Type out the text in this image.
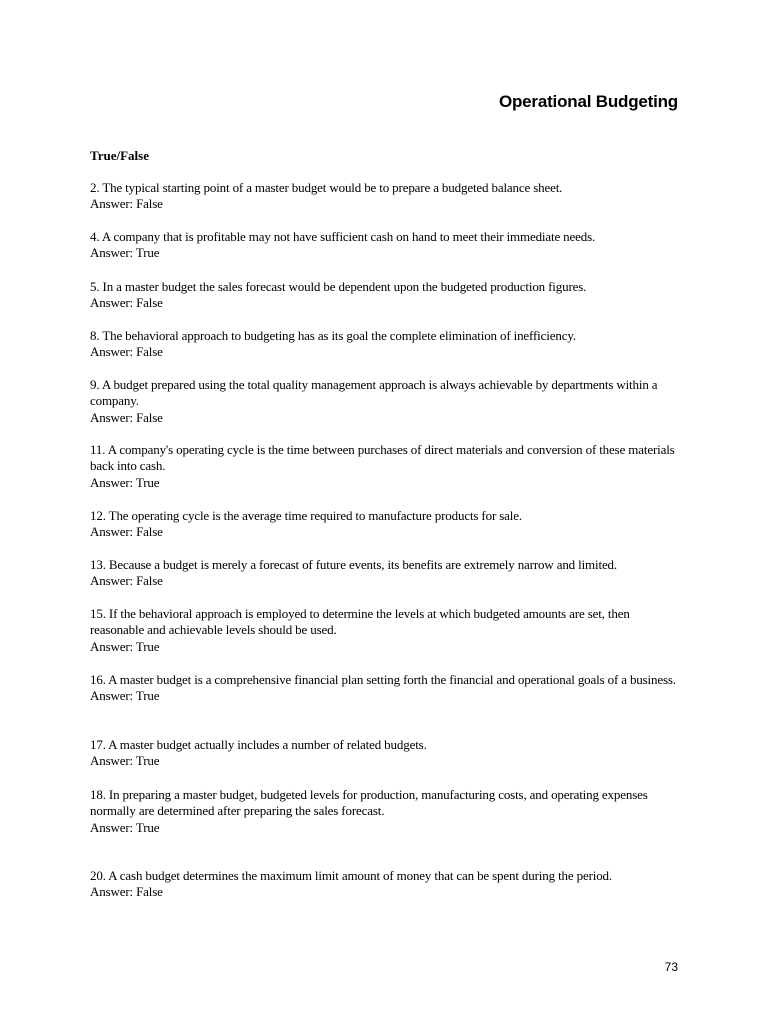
Operational Budgeting
True/False

2. The typical starting point of a master budget would be to prepare a budgeted balance sheet.

Answer: False

4. A company that is profitable may not have sufficient cash on hand to meet their immediate needs.

Answer: True

5. In a master budget the sales forecast would be dependent upon the budgeted production figures.

Answer: False

8. The behavioral approach to budgeting has as its goal the complete elimination of inefficiency.

Answer: False

9. A budget prepared using the total quality management approach is always achievable by departments within a company.

Answer: False

11. A company's operating cycle is the time between purchases of direct materials and conversion of these materials back into cash.

Answer: True

12. The operating cycle is the average time required to manufacture products for sale.

Answer: False

13. Because a budget is merely a forecast of future events, its benefits are extremely narrow and limited.

Answer: False

15. If the behavioral approach is employed to determine the levels at which budgeted amounts are set, then reasonable and achievable levels should be used.

Answer: True

16. A master budget is a comprehensive financial plan setting forth the financial and operational goals of a business.

Answer: True

17. A master budget actually includes a number of related budgets.

Answer: True

18. In preparing a master budget, budgeted levels for production, manufacturing costs, and operating expenses normally are determined after preparing the sales forecast.

Answer: True

20. A cash budget determines the maximum limit amount of money that can be spent during the period.

Answer: False

73
